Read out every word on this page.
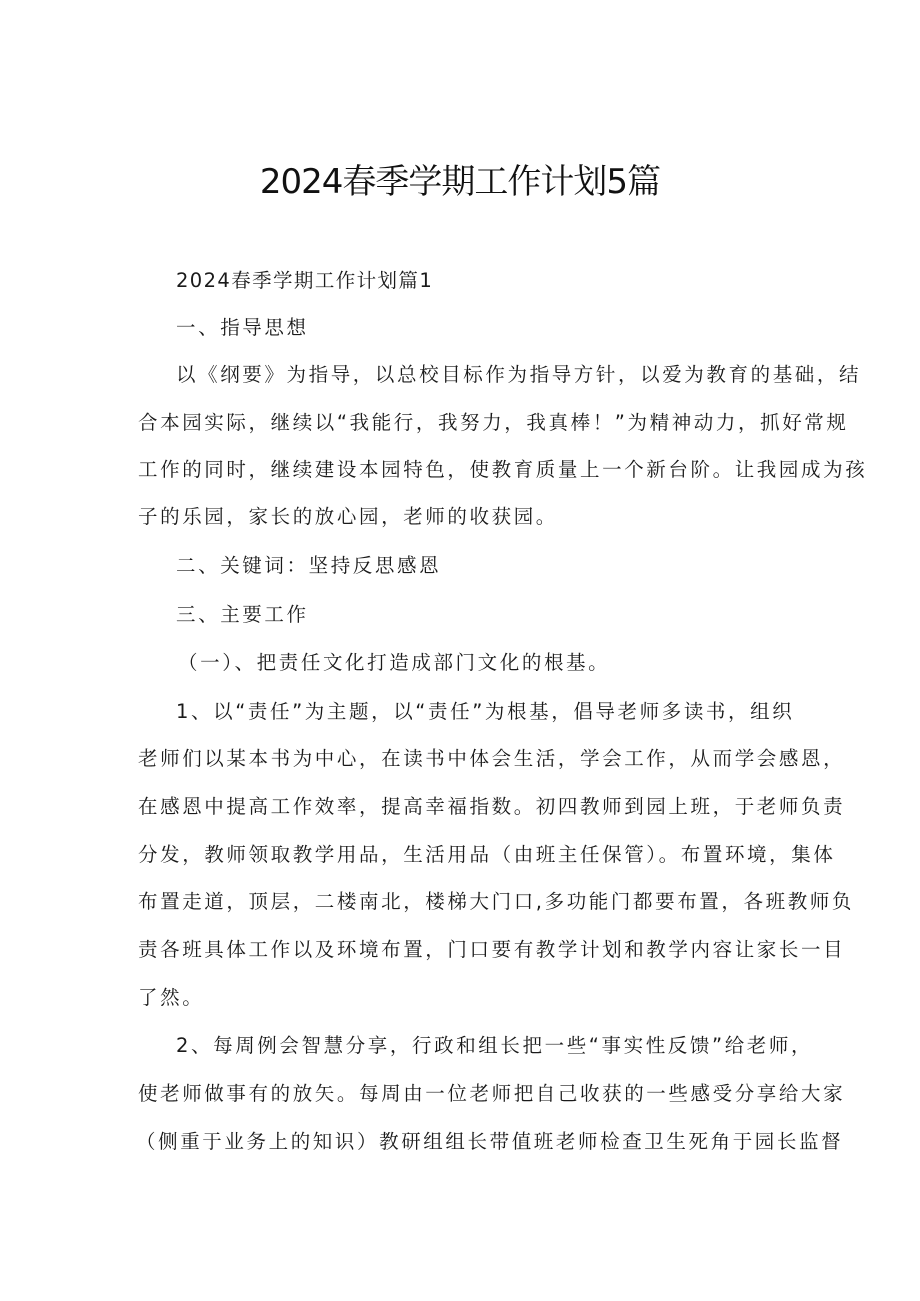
2024春季学期工作计划5篇
2024春季学期工作计划篇1
一、指导思想
以《纲要》为指导，以总校目标作为指导方针，以爱为教育的基础，结
合本园实际，继续以“我能行，我努力，我真棒！”为精神动力，抓好常规
工作的同时，继续建设本园特色，使教育质量上一个新台阶。让我园成为孩
子的乐园，家长的放心园，老师的收获园。
二、关键词：坚持反思感恩
三、主要工作
（一）、把责任文化打造成部门文化的根基。
1、以“责任”为主题，以“责任”为根基，倡导老师多读书，组织
老师们以某本书为中心，在读书中体会生活，学会工作，从而学会感恩，
在感恩中提高工作效率，提高幸福指数。初四教师到园上班，于老师负责
分发，教师领取教学用品，生活用品（由班主任保管）。布置环境，集体
布置走道，顶层，二楼南北，楼梯大门口,多功能门都要布置，各班教师负
责各班具体工作以及环境布置，门口要有教学计划和教学内容让家长一目
了然。
2、每周例会智慧分享，行政和组长把一些“事实性反馈”给老师，
使老师做事有的放矢。每周由一位老师把自己收获的一些感受分享给大家
（侧重于业务上的知识）教研组组长带值班老师检查卫生死角于园长监督
